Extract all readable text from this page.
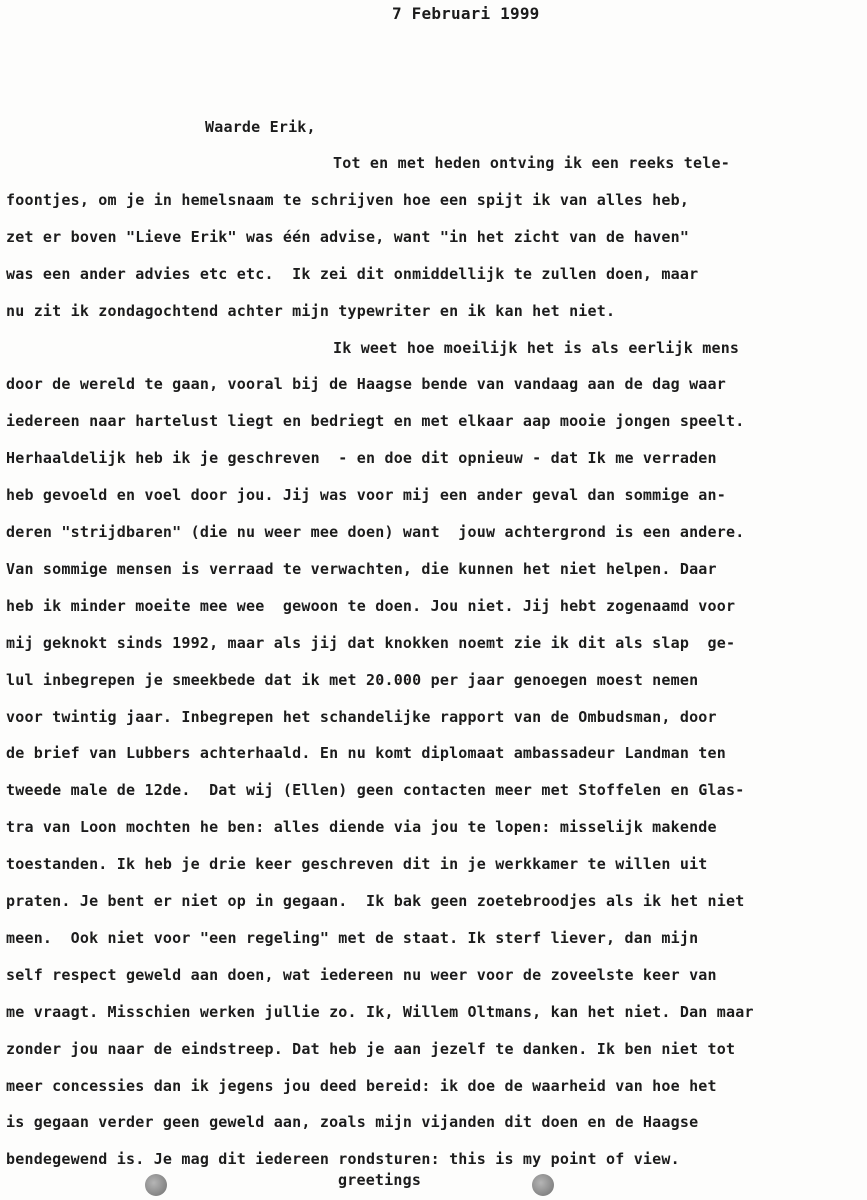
7 Februari 1999
Waarde Erik,
Tot en met heden ontving ik een reeks tele-
foontjes, om je in hemelsnaam te schrijven hoe een spijt ik van alles heb,
zet er boven "Lieve Erik" was één advise, want "in het zicht van de haven"
was een ander advies etc etc.  Ik zei dit onmiddellijk te zullen doen, maar
nu zit ik zondagochtend achter mijn typewriter en ik kan het niet.
Ik weet hoe moeilijk het is als eerlijk mens
door de wereld te gaan, vooral bij de Haagse bende van vandaag aan de dag waar
iedereen naar hartelust liegt en bedriegt en met elkaar aap mooie jongen speelt.
Herhaaldelijk heb ik je geschreven  - en doe dit opnieuw - dat Ik me verraden
heb gevoeld en voel door jou. Jij was voor mij een ander geval dan sommige an-
deren "strijdbaren" (die nu weer mee doen) want  jouw achtergrond is een andere.
Van sommige mensen is verraad te verwachten, die kunnen het niet helpen. Daar
heb ik minder moeite mee wee  gewoon te doen. Jou niet. Jij hebt zogenaamd voor
mij geknokt sinds 1992, maar als jij dat knokken noemt zie ik dit als slap  ge-
lul inbegrepen je smeekbede dat ik met 20.000 per jaar genoegen moest nemen
voor twintig jaar. Inbegrepen het schandelijke rapport van de Ombudsman, door
de brief van Lubbers achterhaald. En nu komt diplomaat ambassadeur Landman ten
tweede male de 12de.  Dat wij (Ellen) geen contacten meer met Stoffelen en Glas-
tra van Loon mochten he ben: alles diende via jou te lopen: misselijk makende
toestanden. Ik heb je drie keer geschreven dit in je werkkamer te willen uit
praten. Je bent er niet op in gegaan.  Ik bak geen zoetebroodjes als ik het niet
meen.  Ook niet voor "een regeling" met de staat. Ik sterf liever, dan mijn
self respect geweld aan doen, wat iedereen nu weer voor de zoveelste keer van
me vraagt. Misschien werken jullie zo. Ik, Willem Oltmans, kan het niet. Dan maar
zonder jou naar de eindstreep. Dat heb je aan jezelf te danken. Ik ben niet tot
meer concessies dan ik jegens jou deed bereid: ik doe de waarheid van hoe het
is gegaan verder geen geweld aan, zoals mijn vijanden dit doen en de Haagse
bendegewend is. Je mag dit iedereen rondsturen: this is my point of view.
greetings
